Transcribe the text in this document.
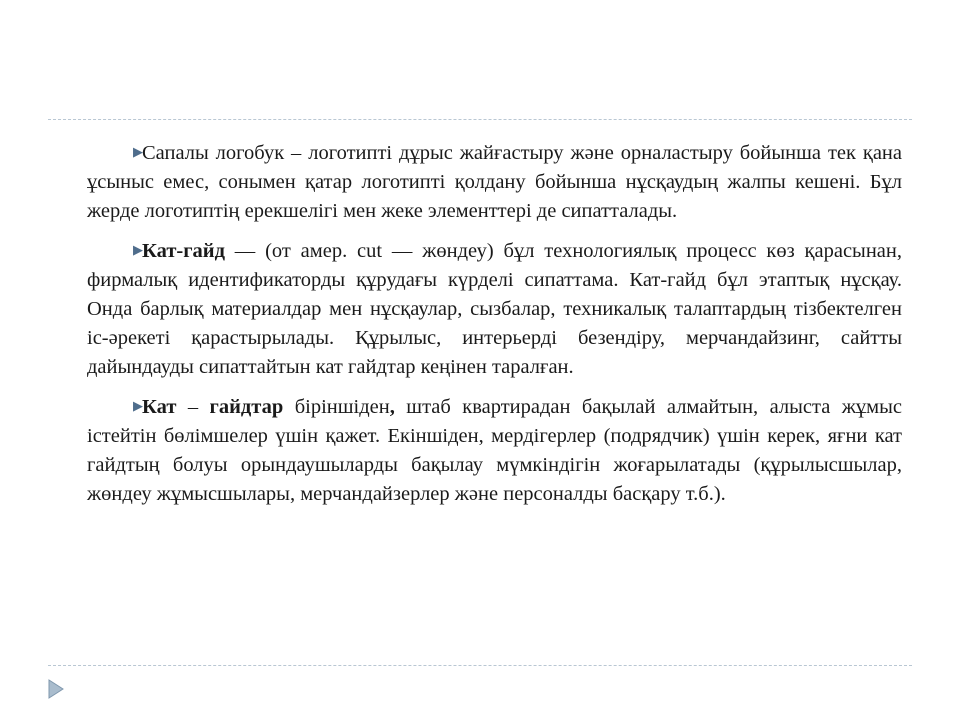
▶Сапалы логобук – логотипті дұрыс жайғастыру және орналастыру бойынша тек қана ұсыныс емес, сонымен қатар логотипті қолдану бойынша нұсқаудың жалпы кешені. Бұл жерде логотиптің ерекшелігі мен жеке элементтері де сипатталады.

▶Кат-гайд — (от амер. cut — жөндеу) бұл технологиялық процесс көз қарасынан, фирмалық идентификаторды құрудағы күрделі сипаттама. Кат-гайд бұл этаптық нұсқау. Онда барлық материалдар мен нұсқаулар, сызбалар, техникалық талаптардың тізбектелген іс-әрекеті қарастырылады. Құрылыс, интерьерді безендіру, мерчандайзинг, сайтты дайындауды сипаттайтын кат гайдтар кеңінен таралған.

▶Кат – гайдтар біріншіден, штаб квартирадан бақылай алмайтын, алыста жұмыс істейтін бөлімшелер үшін қажет. Екіншіден, мердігерлер (подрядчик) үшін керек, яғни кат гайдтың болуы орындаушыларды бақылау мүмкіндігін жоғарылатады (құрылысшылар, жөндеу жұмысшылары, мерчандайзерлер және персоналды басқару т.б.).
